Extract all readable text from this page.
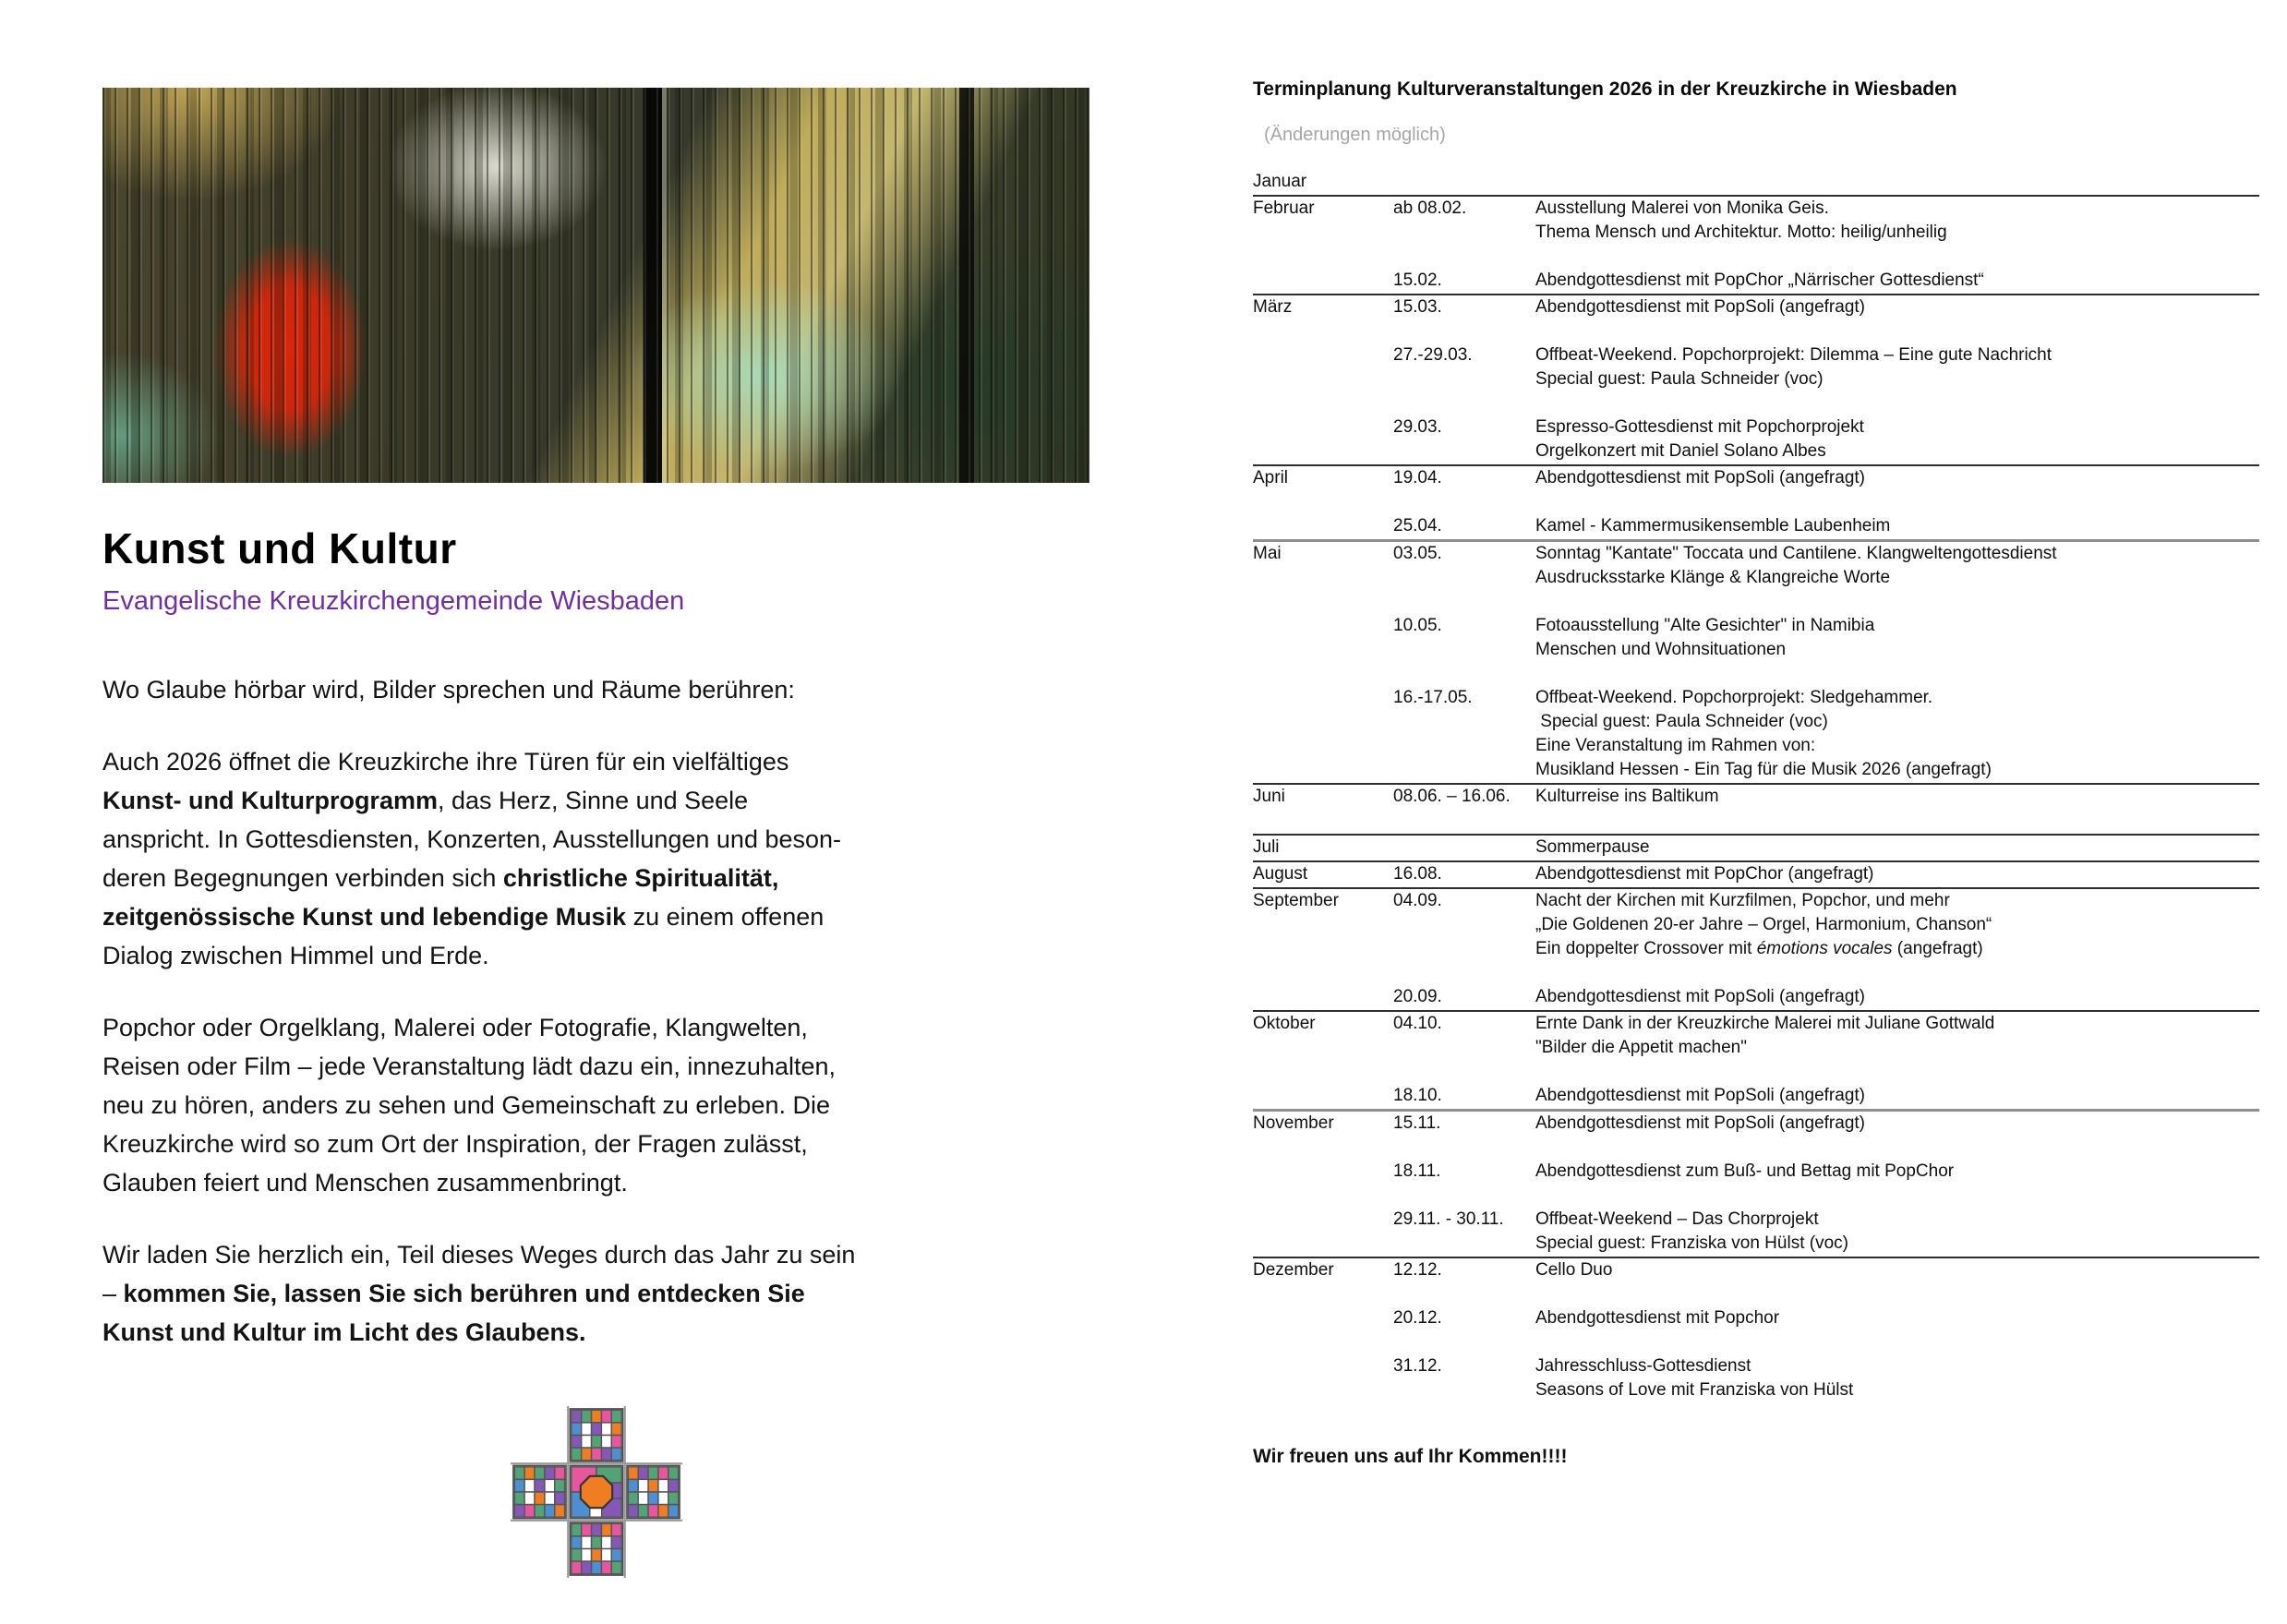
Kunst und Kultur
Evangelische Kreuzkirchengemeinde Wiesbaden
Wo Glaube hörbar wird, Bilder sprechen und Räume berühren:
Auch 2026 öffnet die Kreuzkirche ihre Türen für ein vielfältiges
Kunst- und Kulturprogramm, das Herz, Sinne und Seele
anspricht. In Gottesdiensten, Konzerten, Ausstellungen und beson-
deren Begegnungen verbinden sich christliche Spiritualität,
zeitgenössische Kunst und lebendige Musik zu einem offenen
Dialog zwischen Himmel und Erde.
Popchor oder Orgelklang, Malerei oder Fotografie, Klangwelten,
Reisen oder Film – jede Veranstaltung lädt dazu ein, innezuhalten,
neu zu hören, anders zu sehen und Gemeinschaft zu erleben. Die
Kreuzkirche wird so zum Ort der Inspiration, der Fragen zulässt,
Glauben feiert und Menschen zusammenbringt.
Wir laden Sie herzlich ein, Teil dieses Weges durch das Jahr zu sein
– kommen Sie, lassen Sie sich berühren und entdecken Sie
Kunst und Kultur im Licht des Glaubens.
Terminplanung Kulturveranstaltungen 2026 in der Kreuzkirche in Wiesbaden
(Änderungen möglich)
Januar

Februar	ab 08.02.	Ausstellung Malerei von Monika Geis.
Thema Mensch und Architektur. Motto: heilig/unheilig
15.02.	Abendgottesdienst mit PopChor „Närrischer Gottesdienst“
März	15.03.	Abendgottesdienst mit PopSoli (angefragt)
27.-29.03.	Offbeat-Weekend. Popchorprojekt: Dilemma – Eine gute Nachricht
Special guest: Paula Schneider (voc)
29.03.	Espresso-Gottesdienst mit Popchorprojekt
Orgelkonzert mit Daniel Solano Albes
April	19.04.	Abendgottesdienst mit PopSoli (angefragt)
25.04.	Kamel - Kammermusikensemble Laubenheim
Mai	03.05.	Sonntag "Kantate" Toccata und Cantilene. Klangweltengottesdienst
Ausdrucksstarke Klänge & Klangreiche Worte
10.05.	Fotoausstellung "Alte Gesichter" in Namibia
Menschen und Wohnsituationen
16.-17.05.	Offbeat-Weekend. Popchorprojekt: Sledgehammer.
Special guest: Paula Schneider (voc)
Eine Veranstaltung im Rahmen von:
Musikland Hessen - Ein Tag für die Musik 2026 (angefragt)
Juni	08.06. – 16.06.	Kulturreise ins Baltikum
Juli	Sommerpause
August	16.08.	Abendgottesdienst mit PopChor (angefragt)
September	04.09.	Nacht der Kirchen mit Kurzfilmen, Popchor, und mehr
„Die Goldenen 20-er Jahre – Orgel, Harmonium, Chanson“
Ein doppelter Crossover mit émotions vocales (angefragt)
20.09.	Abendgottesdienst mit PopSoli (angefragt)
Oktober	04.10.	Ernte Dank in der Kreuzkirche Malerei mit Juliane Gottwald
"Bilder die Appetit machen"
18.10.	Abendgottesdienst mit PopSoli (angefragt)
November	15.11.	Abendgottesdienst mit PopSoli (angefragt)
18.11.	Abendgottesdienst zum Buß- und Bettag mit PopChor
29.11. - 30.11.	Offbeat-Weekend – Das Chorprojekt
Special guest: Franziska von Hülst (voc)
Dezember	12.12.	Cello Duo
20.12.	Abendgottesdienst mit Popchor
31.12.	Jahresschluss-Gottesdienst
Seasons of Love mit Franziska von Hülst
Wir freuen uns auf Ihr Kommen!!!!
